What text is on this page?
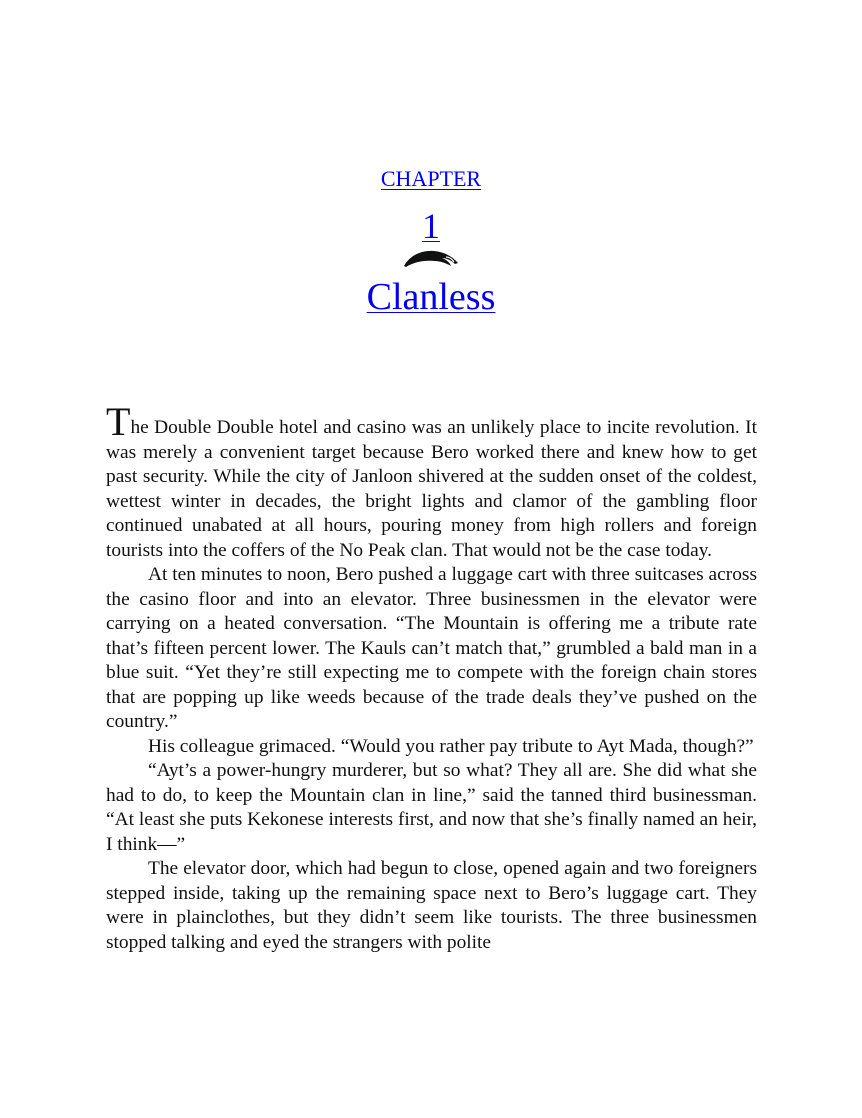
CHAPTER
1
Clanless

The Double Double hotel and casino was an unlikely place to incite revolution. It was merely a convenient target because Bero worked there and knew how to get past security. While the city of Janloon shivered at the sudden onset of the coldest, wettest winter in decades, the bright lights and clamor of the gambling floor continued unabated at all hours, pouring money from high rollers and foreign tourists into the coffers of the No Peak clan. That would not be the case today.

At ten minutes to noon, Bero pushed a luggage cart with three suitcases across the casino floor and into an elevator. Three businessmen in the elevator were carrying on a heated conversation. “The Mountain is offering me a tribute rate that’s fifteen percent lower. The Kauls can’t match that,” grumbled a bald man in a blue suit. “Yet they’re still expecting me to compete with the foreign chain stores that are popping up like weeds because of the trade deals they’ve pushed on the country.”

His colleague grimaced. “Would you rather pay tribute to Ayt Mada, though?”

“Ayt’s a power-hungry murderer, but so what? They all are. She did what she had to do, to keep the Mountain clan in line,” said the tanned third businessman. “At least she puts Kekonese interests first, and now that she’s finally named an heir, I think—”

The elevator door, which had begun to close, opened again and two foreigners stepped inside, taking up the remaining space next to Bero’s luggage cart. They were in plainclothes, but they didn’t seem like tourists. The three businessmen stopped talking and eyed the strangers with polite
